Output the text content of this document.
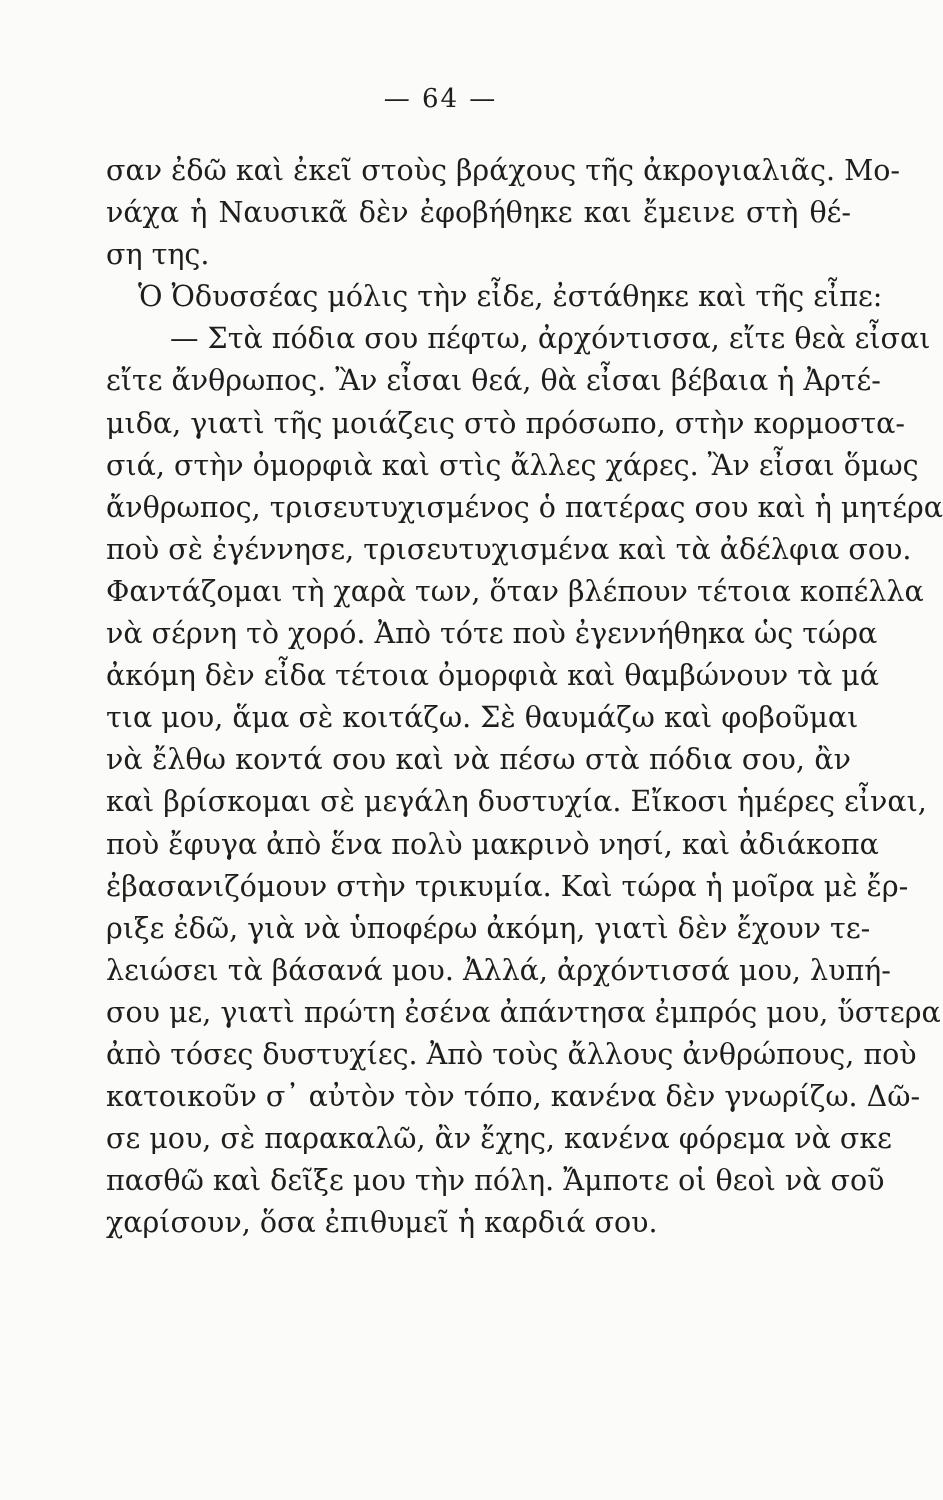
— 64 —
σαν ἐδῶ καὶ ἐκεῖ στοὺς βράχους τῆς ἀκρογιαλιᾶς. Μο-
νάχα ἡ Ναυσικᾶ δὲν ἐφοβήθηκε και ἔμεινε στὴ θέ-
ση της.
Ὁ Ὀδυσσέας μόλις τὴν εἶδε, ἐστάθηκε καὶ τῆς εἶπε:
— Στὰ πόδια σου πέφτω, ἀρχόντισσα, εἴτε θεὰ εἶσαι
εἴτε ἄνθρωπος. Ἂν εἶσαι θεά, θὰ εἶσαι βέβαια ἡ Ἀρτέ-
μιδα, γιατὶ τῆς μοιάζεις στὸ πρόσωπο, στὴν κορμοστα-
σιά, στὴν ὀμορφιὰ καὶ στὶς ἄλλες χάρες. Ἂν εἶσαι ὅμως
ἄνθρωπος, τρισευτυχισμένος ὁ πατέρας σου καὶ ἡ μητέρα
ποὺ σὲ ἐγέννησε, τρισευτυχισμένα καὶ τὰ ἀδέλφια σου.
Φαντάζομαι τὴ χαρὰ των, ὅταν βλέπουν τέτοια κοπέλλα
νὰ σέρνη τὸ χορό. Ἀπὸ τότε ποὺ ἐγεννήθηκα ὡς τώρα
ἀκόμη δὲν εἶδα τέτοια ὀμορφιὰ καὶ θαμβώνουν τὰ μά
τια μου, ἅμα σὲ κοιτάζω. Σὲ θαυμάζω καὶ φοβοῦμαι
νὰ ἔλθω κοντά σου καὶ νὰ πέσω στὰ πόδια σου, ἂν
καὶ βρίσκομαι σὲ μεγάλη δυστυχία. Εἴκοσι ἡμέρες εἶναι,
ποὺ ἔφυγα ἀπὸ ἕνα πολὺ μακρινὸ νησί, καὶ ἀδιάκοπα
ἐβασανιζόμουν στὴν τρικυμία. Καὶ τώρα ἡ μοῖρα μὲ ἔρ-
ριξε ἐδῶ, γιὰ νὰ ὑποφέρω ἀκόμη, γιατὶ δὲν ἔχουν τε-
λειώσει τὰ βάσανά μου. Ἀλλά, ἀρχόντισσά μου, λυπή-
σου με, γιατὶ πρώτη ἐσένα ἀπάντησα ἐμπρός μου, ὕστερα
ἀπὸ τόσες δυστυχίες. Ἀπὸ τοὺς ἄλλους ἀνθρώπους, ποὺ
κατοικοῦν σ᾿ αὐτὸν τὸν τόπο, κανένα δὲν γνωρίζω. Δῶ-
σε μου, σὲ παρακαλῶ, ἂν ἔχης, κανένα φόρεμα νὰ σκε
πασθῶ καὶ δεῖξε μου τὴν πόλη. Ἄμποτε οἱ θεοὶ νὰ σοῦ
χαρίσουν, ὅσα ἐπιθυμεῖ ἡ καρδιά σου.
